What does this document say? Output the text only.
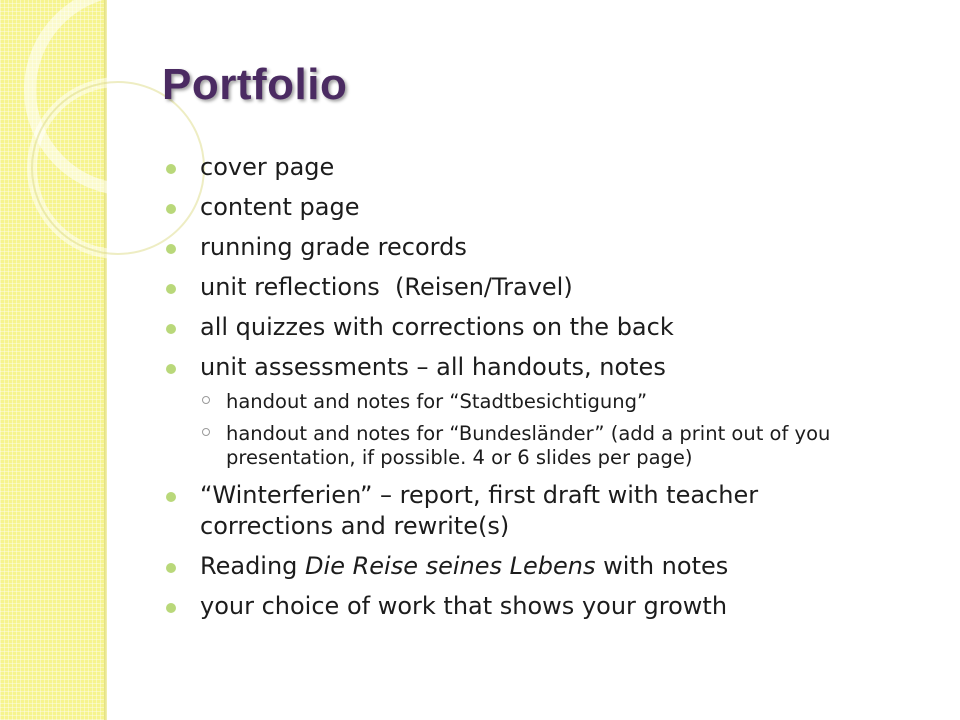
Portfolio
cover page
content page
running grade records
unit reflections  (Reisen/Travel)
all quizzes with corrections on the back
unit assessments – all handouts, notes
handout and notes for “Stadtbesichtigung”
handout and notes for “Bundesländer” (add a print out of you presentation, if possible. 4 or 6 slides per page)
“Winterferien” – report, first draft with teacher corrections and rewrite(s)
Reading Die Reise seines Lebens with notes
your choice of work that shows your growth
